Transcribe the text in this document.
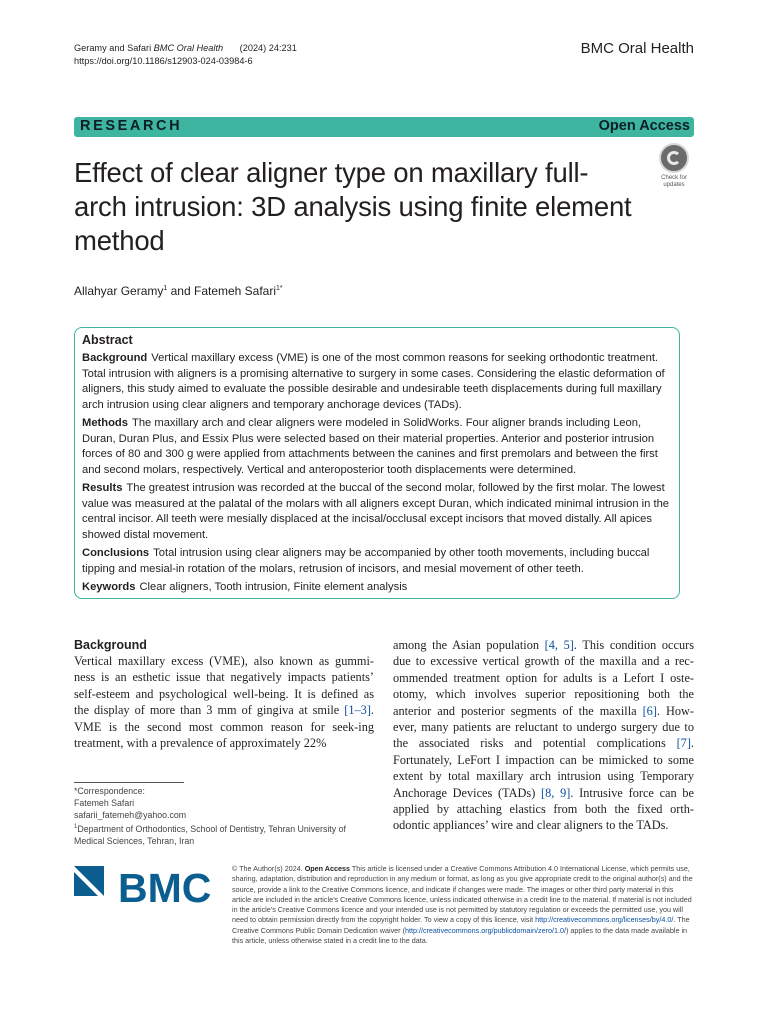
Geramy and Safari BMC Oral Health (2024) 24:231
https://doi.org/10.1186/s12903-024-03984-6
BMC Oral Health
RESEARCH	Open Access
Effect of clear aligner type on maxillary full-arch intrusion: 3D analysis using finite element method
Check for
updates
Allahyar Geramy$^1$ and Fatemeh Safari$^{1*}$
Abstract

Background Vertical maxillary excess (VME) is one of the most common reasons for seeking orthodontic treatment. Total intrusion with aligners is a promising alternative to surgery in some cases. Considering the elastic deformation of aligners, this study aimed to evaluate the possible desirable and undesirable teeth displacements during full maxillary arch intrusion using clear aligners and temporary anchorage devices (TADs).

Methods The maxillary arch and clear aligners were modeled in SolidWorks. Four aligner brands including Leon, Duran, Duran Plus, and Essix Plus were selected based on their material properties. Anterior and posterior intrusion forces of 80 and 300 g were applied from attachments between the canines and first premolars and between the first and second molars, respectively. Vertical and anteroposterior tooth displacements were determined.

Results The greatest intrusion was recorded at the buccal of the second molar, followed by the first molar. The lowest value was measured at the palatal of the molars with all aligners except Duran, which indicated minimal intrusion in the central incisor. All teeth were mesially displaced at the incisal/occlusal except incisors that moved distally. All apices showed distal movement.

Conclusions Total intrusion using clear aligners may be accompanied by other tooth movements, including buccal tipping and mesial-in rotation of the molars, retrusion of incisors, and mesial movement of other teeth.

Keywords Clear aligners, Tooth intrusion, Finite element analysis

Background

Vertical maxillary excess (VME), also known as gummi-ness is an esthetic issue that negatively impacts patients’ self-esteem and psychological well-being. It is defined as the display of more than 3 mm of gingiva at smile [1–3]. VME is the second most common reason for seek-ing treatment, with a prevalence of approximately 22%

among the Asian population [4, 5]. This condition occurs due to excessive vertical growth of the maxilla and a rec-ommended treatment option for adults is a Lefort I oste-otomy, which involves superior repositioning both the anterior and posterior segments of the maxilla [6]. How-ever, many patients are reluctant to undergo surgery due to the associated risks and potential complications [7]. Fortunately, LeFort I impaction can be mimicked to some extent by total maxillary arch intrusion using Temporary Anchorage Devices (TADs) [8, 9]. Intrusive force can be applied by attaching elastics from both the fixed orth-odontic appliances’ wire and clear aligners to the TADs.

*Correspondence:
Fatemeh Safari
safarii_fatemeh@yahoo.com
$^1$Department of Orthodontics, School of Dentistry, Tehran University of Medical Sciences, Tehran, Iran
BMC	© The Author(s) 2024. Open Access This article is licensed under a Creative Commons Attribution 4.0 International License, which permits use, sharing, adaptation, distribution and reproduction in any medium or format, as long as you give appropriate credit to the original author(s) and the source, provide a link to the Creative Commons licence, and indicate if changes were made. The images or other third party material in this article are included in the article’s Creative Commons licence, unless indicated otherwise in a credit line to the material. If material is not included in the article’s Creative Commons licence and your intended use is not permitted by statutory regulation or exceeds the permitted use, you will need to obtain permission directly from the copyright holder. To view a copy of this licence, visit http://creativecommons.org/licenses/by/4.0/. The Creative Commons Public Domain Dedication waiver (http://creativecommons.org/publicdomain/zero/1.0/) applies to the data made available in this article, unless otherwise stated in a credit line to the data.
